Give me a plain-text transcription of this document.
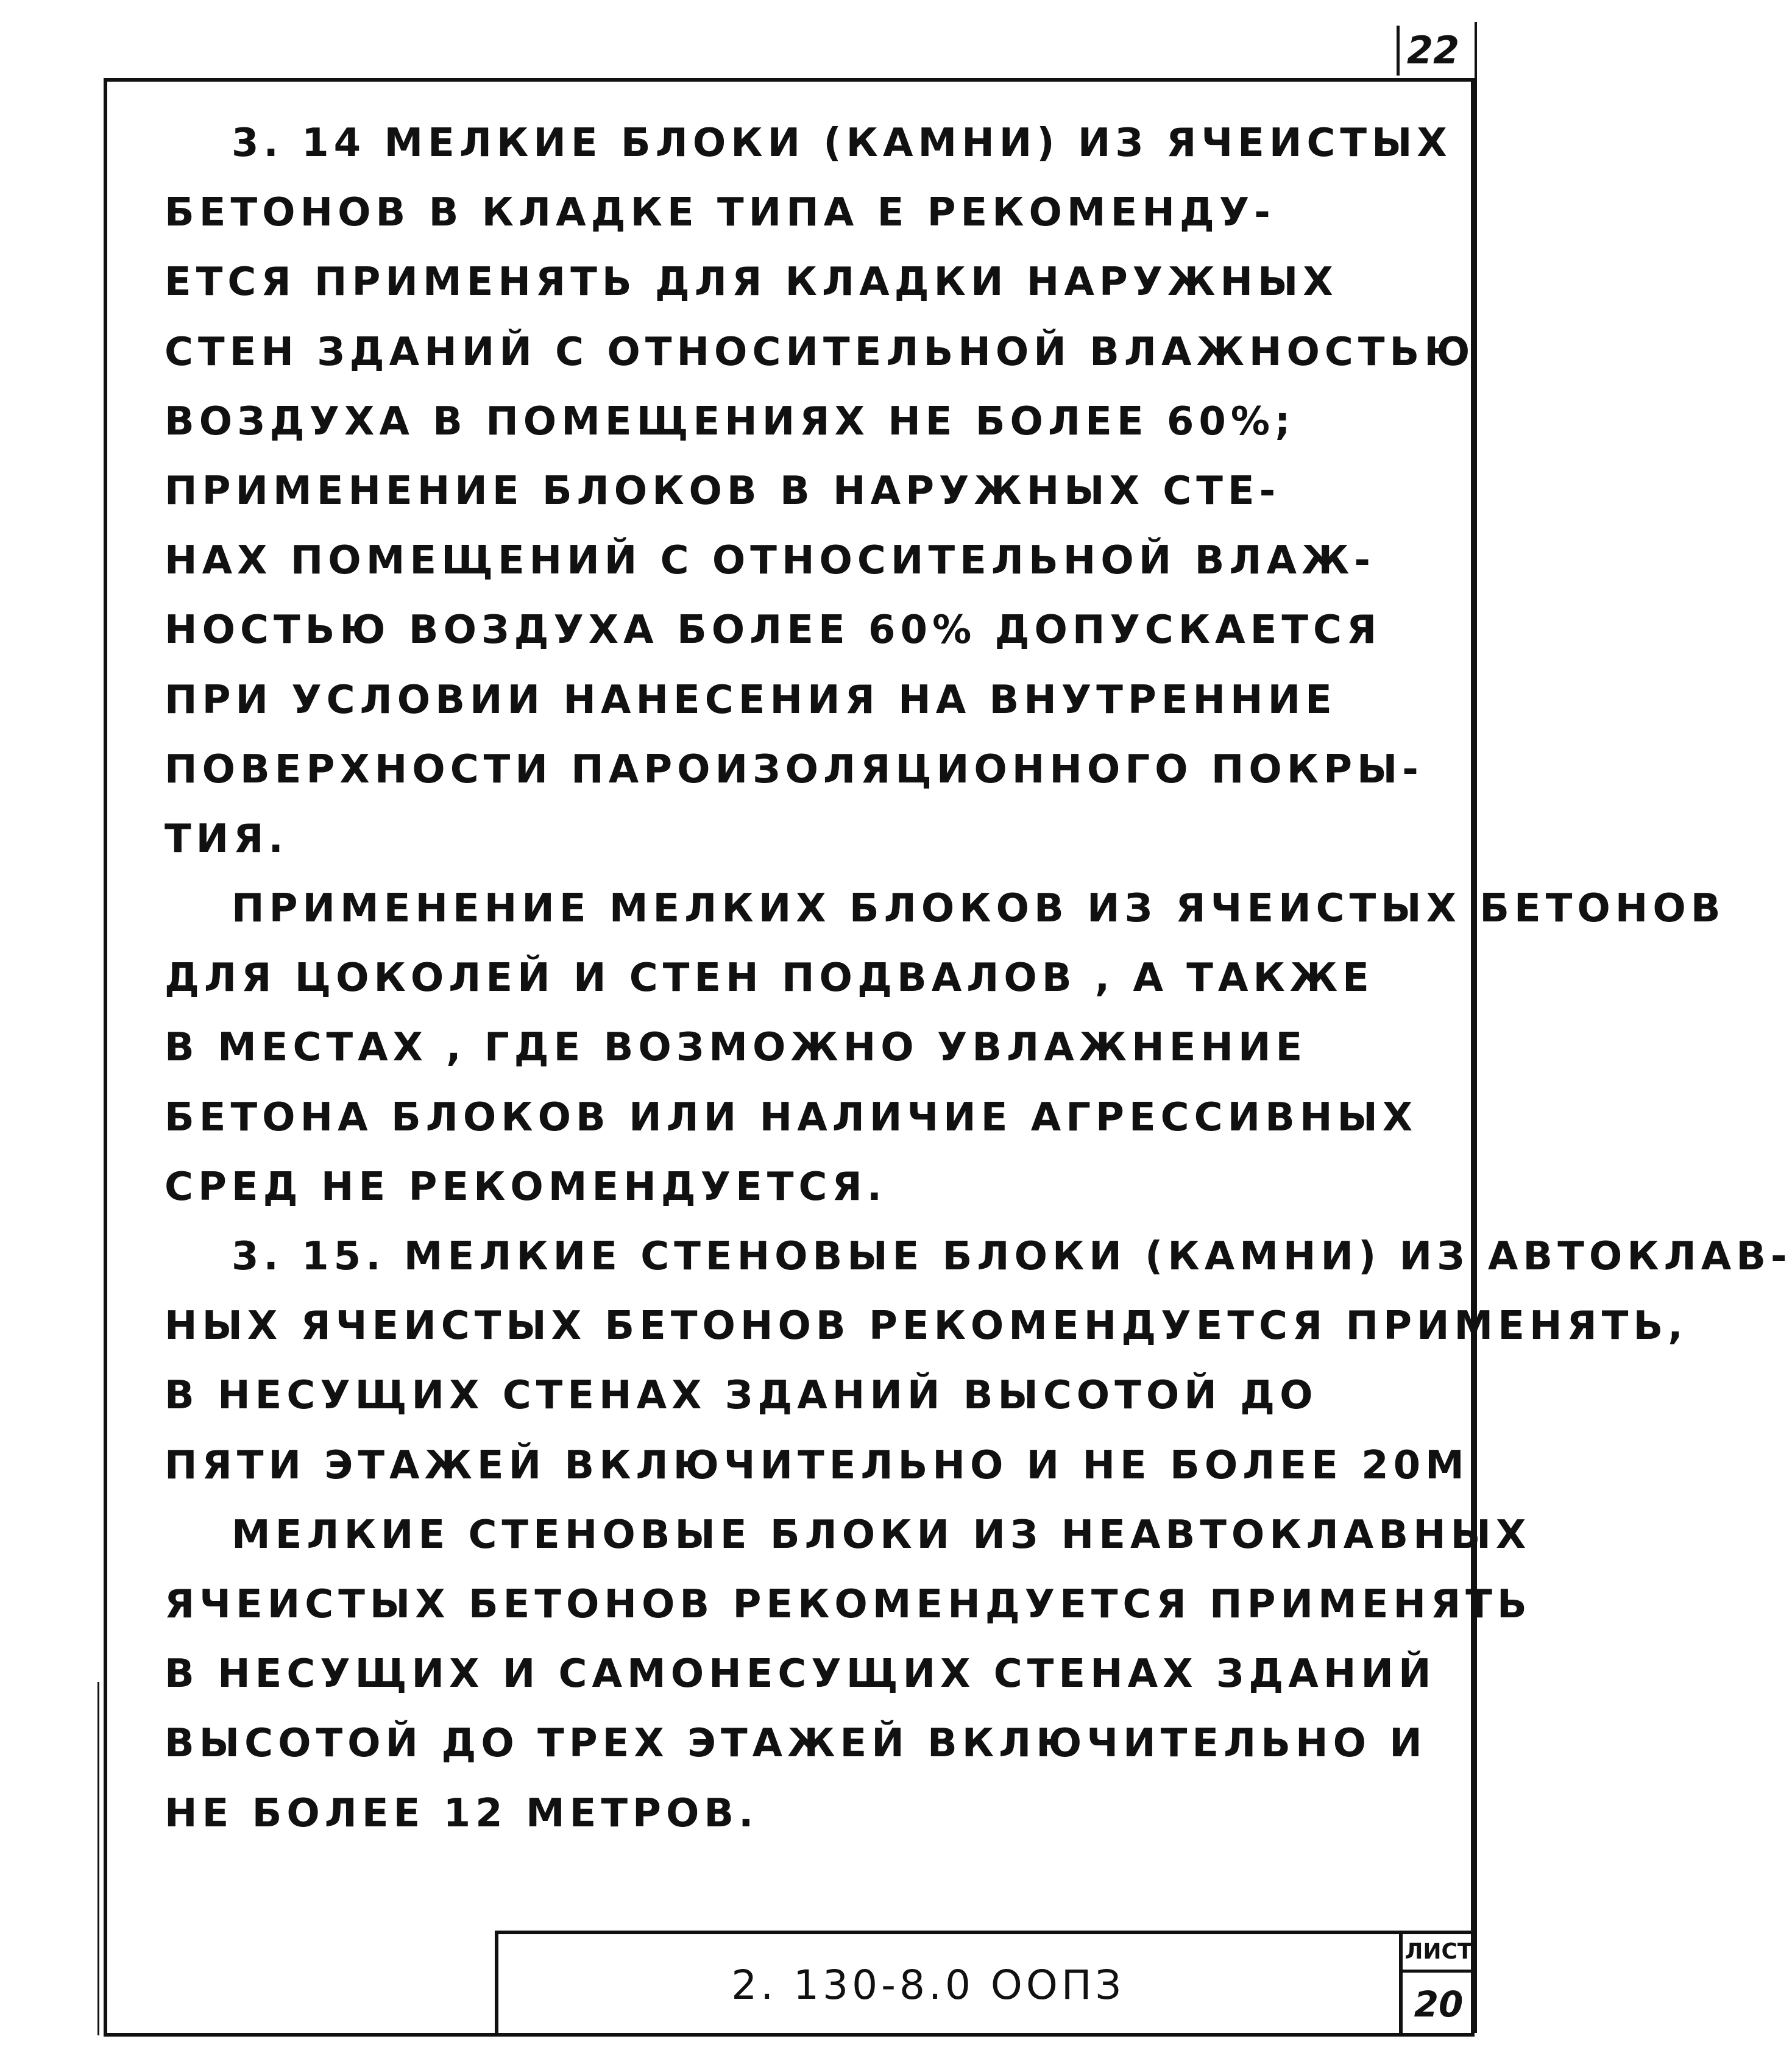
22
3. 14 МЕЛКИЕ БЛОКИ (КАМНИ) ИЗ ЯЧЕИСТЫХ
БЕТОНОВ В КЛАДКЕ ТИПА Е РЕКОМЕНДУ-
ЕТСЯ ПРИМЕНЯТЬ ДЛЯ КЛАДКИ НАРУЖНЫХ
СТЕН ЗДАНИЙ С ОТНОСИТЕЛЬНОЙ ВЛАЖНОСТЬЮ
ВОЗДУХА В ПОМЕЩЕНИЯХ НЕ БОЛЕЕ 60%;
ПРИМЕНЕНИЕ БЛОКОВ В НАРУЖНЫХ СТЕ-
НАХ ПОМЕЩЕНИЙ С ОТНОСИТЕЛЬНОЙ ВЛАЖ-
НОСТЬЮ ВОЗДУХА БОЛЕЕ 60% ДОПУСКАЕТСЯ
ПРИ УСЛОВИИ НАНЕСЕНИЯ НА ВНУТРЕННИЕ
ПОВЕРХНОСТИ ПАРОИЗОЛЯЦИОННОГО ПОКРЫ-
ТИЯ.
ПРИМЕНЕНИЕ МЕЛКИХ БЛОКОВ ИЗ ЯЧЕИСТЫХ БЕТОНОВ
ДЛЯ ЦОКОЛЕЙ И СТЕН ПОДВАЛОВ , А ТАКЖЕ
В МЕСТАХ , ГДЕ ВОЗМОЖНО УВЛАЖНЕНИЕ
БЕТОНА БЛОКОВ ИЛИ НАЛИЧИЕ АГРЕССИВНЫХ
СРЕД НЕ РЕКОМЕНДУЕТСЯ.
3. 15. МЕЛКИЕ СТЕНОВЫЕ БЛОКИ (КАМНИ) ИЗ АВТОКЛАВ-
НЫХ ЯЧЕИСТЫХ БЕТОНОВ РЕКОМЕНДУЕТСЯ ПРИМЕНЯТЬ,
В НЕСУЩИХ СТЕНАХ ЗДАНИЙ ВЫСОТОЙ ДО
ПЯТИ ЭТАЖЕЙ ВКЛЮЧИТЕЛЬНО И НЕ БОЛЕЕ 20М
МЕЛКИЕ СТЕНОВЫЕ БЛОКИ ИЗ НЕАВТОКЛАВНЫХ
ЯЧЕИСТЫХ БЕТОНОВ РЕКОМЕНДУЕТСЯ ПРИМЕНЯТЬ
В НЕСУЩИХ И САМОНЕСУЩИХ СТЕНАХ ЗДАНИЙ
ВЫСОТОЙ ДО ТРЕХ ЭТАЖЕЙ ВКЛЮЧИТЕЛЬНО И
НЕ БОЛЕЕ 12 МЕТРОВ.
2. 130-8.0 ООПЗ
ЛИСТ
20
